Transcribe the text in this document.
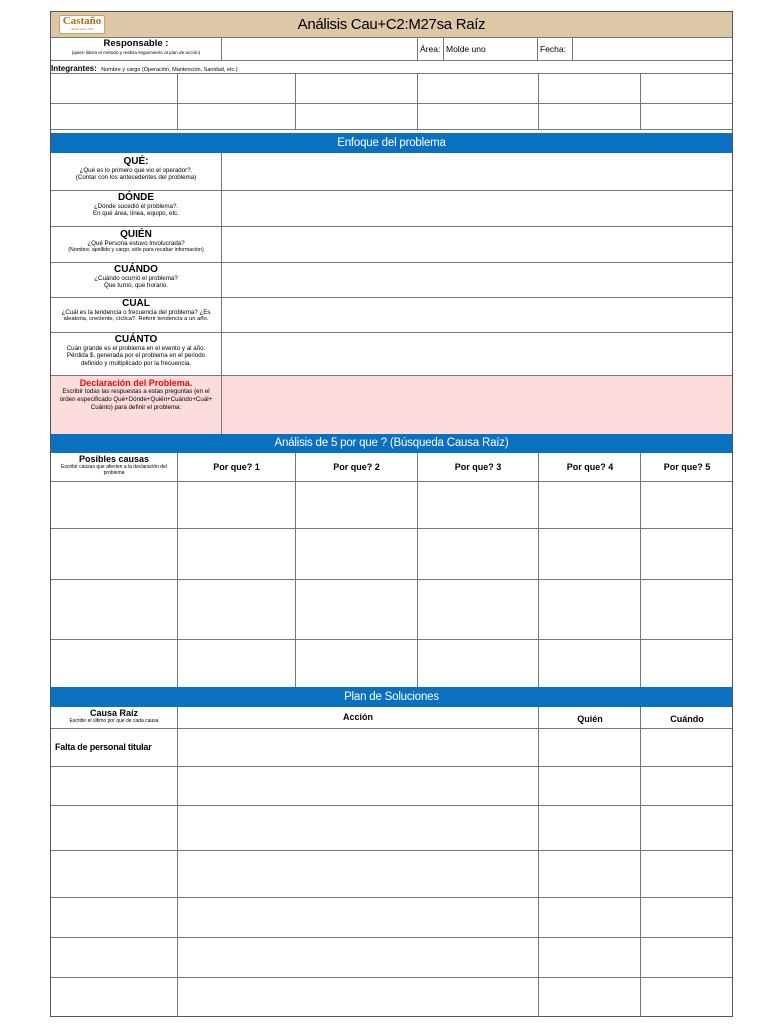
Castaño
calidad desde 1936	Análisis Cau+C2:M27sa Raíz
Responsable :
(quien lidera el método y realiza seguimiento al plan de acción)	Área: Molde uno	Fecha:
Integrantes: Nombre y cargo (Operación, Mantención, Sanidad, etc.)
Enfoque del problema
QUÉ:
¿Qué es lo primero que vio el operador?.
(Contar con los antecedentes del problema)
DÓNDE
¿Dónde sucedió el problema?.
En qué área, línea, equipo, etc.
QUIÉN
¿Qué Persona estuvo Involucrada?
(Nombre, apellido y cargo, sólo para recabar información)
CUÁNDO
¿Cuándo ocurrió el problema?
Que turno, que horario.
CUÁL
¿Cuál es la tendencia o frecuencia del problema? ¿Es
aleatoria, creciente, cíclica?. Referir tendencia a un año.
CUÁNTO
Cuán grande es el problema en el evento y al año.
Pérdida $, generada por el problema en el periodo
definido y multiplicado por la frecuencia,
Declaración del Problema.
Escribir todas las respuestas a estas preguntas (en el
orden especificado Qué+Dónde+Quién+Cuándo+Cuál+
Cuánto) para definir el problema:
Análisis de 5 por que ? (Búsqueda Causa Raíz)
Posibles causas
Escribir causas que afecten a la declaración del problema
Por que? 1	Por que? 2	Por que? 3	Por que? 4	Por que? 5
Plan de Soluciones
Causa Raíz
Escribir el último por que de cada causa	Acción	Quién	Cuándo
Falta de personal titular
